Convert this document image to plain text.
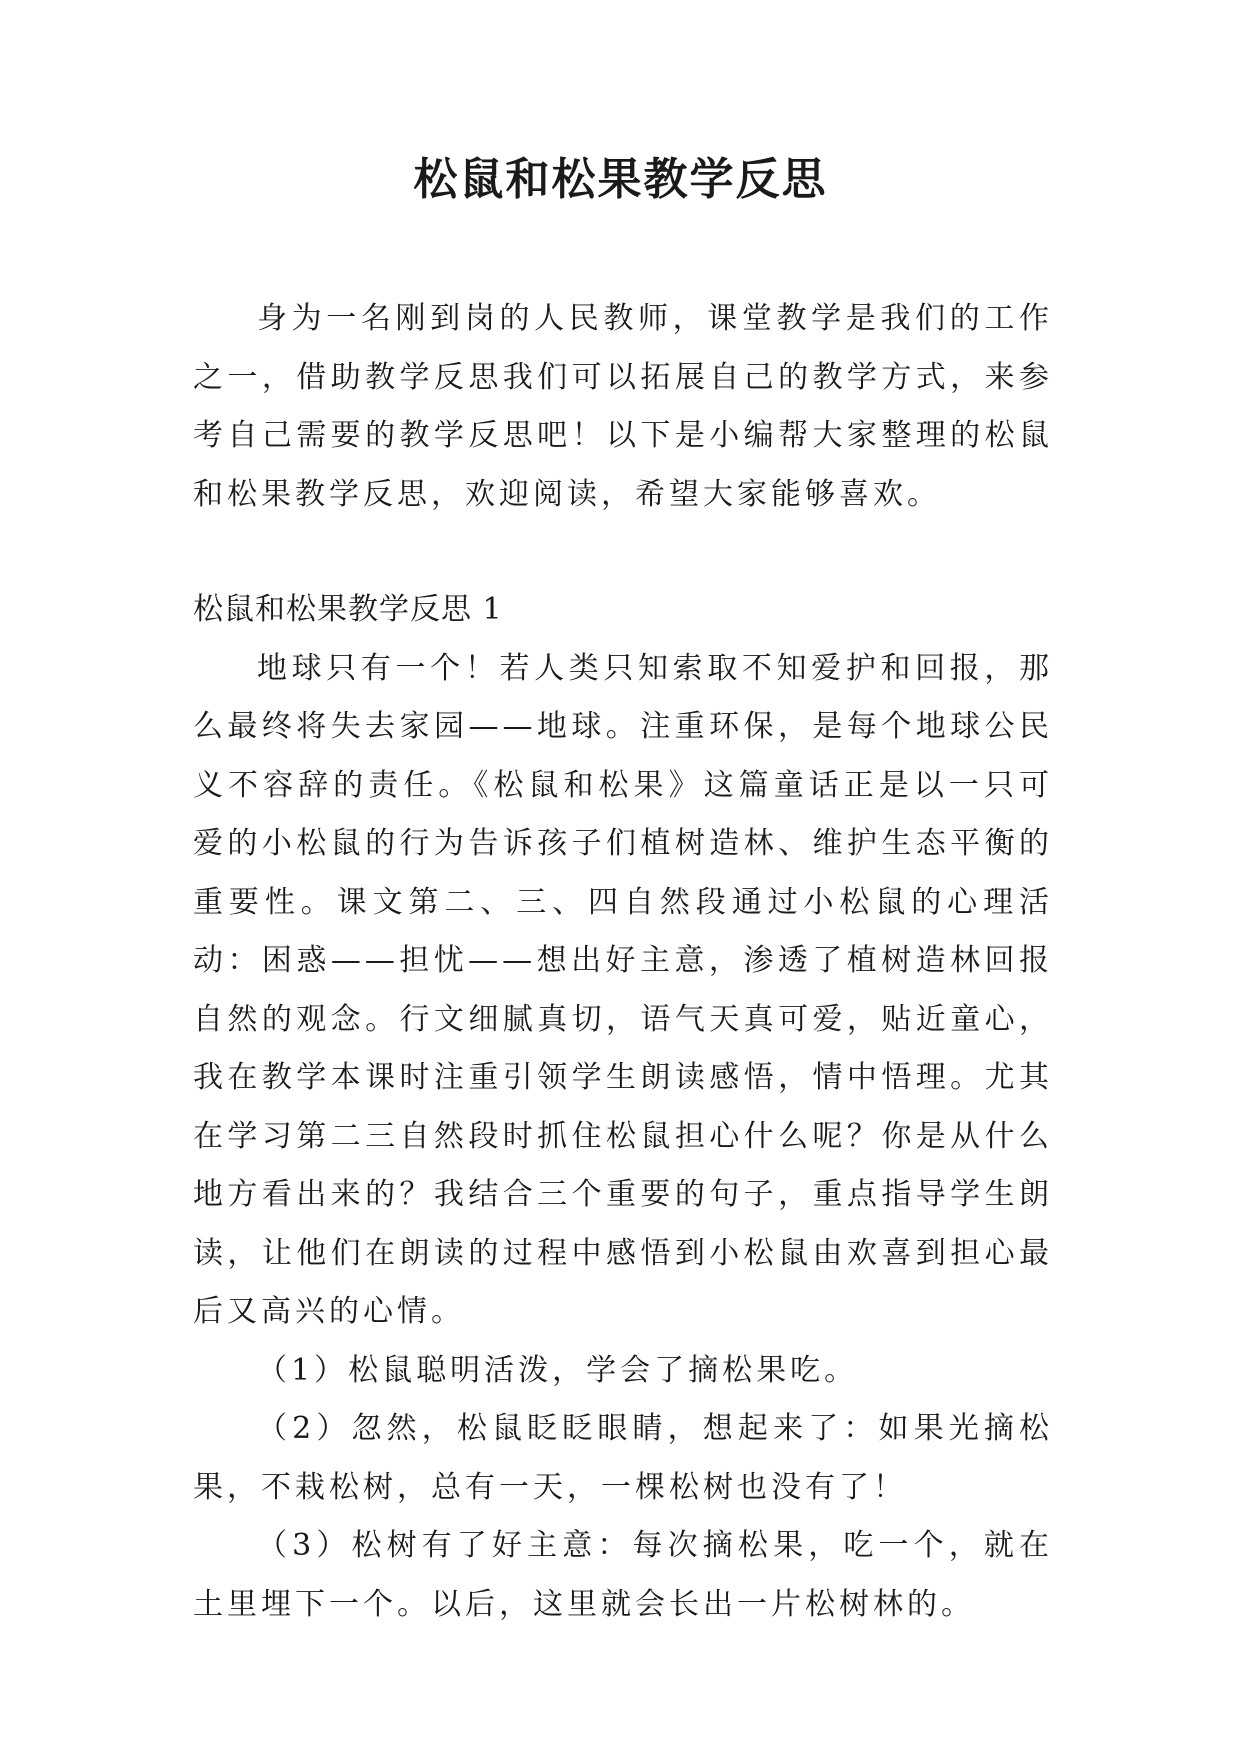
松鼠和松果教学反思

身为一名刚到岗的人民教师，课堂教学是我们的工作之一，借助教学反思我们可以拓展自己的教学方式，来参考自己需要的教学反思吧！以下是小编帮大家整理的松鼠和松果教学反思，欢迎阅读，希望大家能够喜欢。

松鼠和松果教学反思 1

地球只有一个！若人类只知索取不知爱护和回报，那么最终将失去家园——地球。注重环保，是每个地球公民义不容辞的责任。《松鼠和松果》这篇童话正是以一只可爱的小松鼠的行为告诉孩子们植树造林、维护生态平衡的重要性。课文第二、三、四自然段通过小松鼠的心理活动：困惑——担忧——想出好主意，渗透了植树造林回报自然的观念。行文细腻真切，语气天真可爱，贴近童心，我在教学本课时注重引领学生朗读感悟，情中悟理。尤其在学习第二三自然段时抓住松鼠担心什么呢？你是从什么地方看出来的？我结合三个重要的句子，重点指导学生朗读，让他们在朗读的过程中感悟到小松鼠由欢喜到担心最后又高兴的心情。

（1）松鼠聪明活泼，学会了摘松果吃。

（2）忽然，松鼠眨眨眼睛，想起来了：如果光摘松果，不栽松树，总有一天，一棵松树也没有了！

（3）松树有了好主意：每次摘松果，吃一个，就在土里埋下一个。以后，这里就会长出一片松树林的。
